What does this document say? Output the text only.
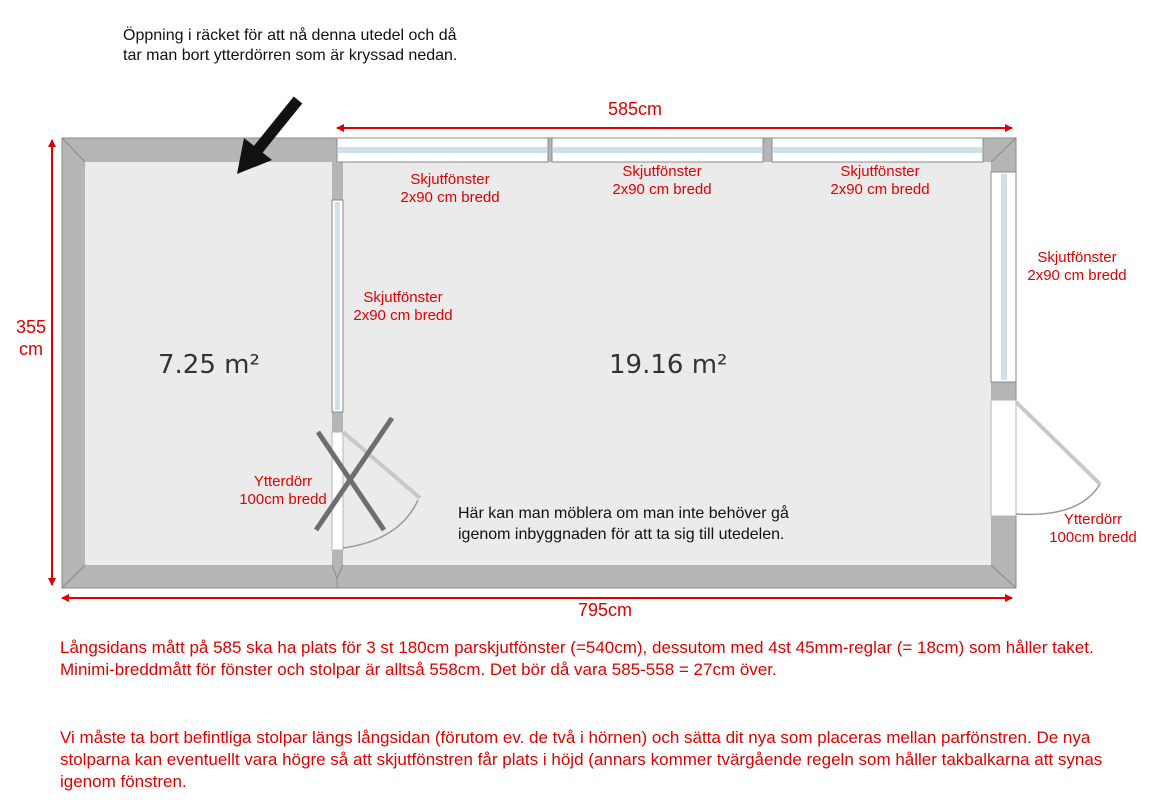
Öppning i räcket för att nå denna utedel och då
tar man bort ytterdörren som är kryssad nedan.
585cm
795cm
355
cm
7.25 m²	19.16 m²
Skjutfönster
2x90 cm bredd
Skjutfönster
2x90 cm bredd
Skjutfönster
2x90 cm bredd
Skjutfönster
2x90 cm bredd
Skjutfönster
2x90 cm bredd
Ytterdörr
100cm bredd
Ytterdörr
100cm bredd
Här kan man möblera om man inte behöver gå
igenom inbyggnaden för att ta sig till utedelen.
Långsidans mått på 585 ska ha plats för 3 st 180cm parskjutfönster (=540cm), dessutom med 4st 45mm-reglar (= 18cm) som håller taket. Minimi-breddmått för fönster och stolpar är alltså 558cm. Det bör då vara 585-558 = 27cm över.
Vi måste ta bort befintliga stolpar längs långsidan (förutom ev. de två i hörnen) och sätta dit nya som placeras mellan parfönstren. De nya stolparna kan eventuellt vara högre så att skjutfönstren får plats i höjd (annars kommer tvärgående regeln som håller takbalkarna att synas igenom fönstren.
